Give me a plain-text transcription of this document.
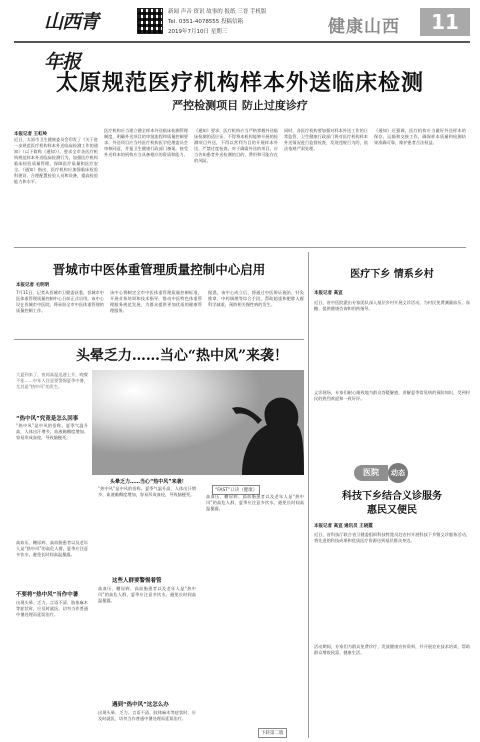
山西青年报
新闻 声音 资讯 故事的 报纸 三晋 手机版
Tel. 0351-4078555 投稿信箱
2019年7月10日 星期三	健康山西	11
太原规范医疗机构样本外送临床检测
严控检测项目 防止过度诊疗
本报记者 王虹岭
近日，太原市卫生健康委员会印发了《关于进一步规范医疗机构样本外送临床检测工作的通知》（以下简称《通知》），要求全市各医疗机构规范样本外送临床检测行为，加强医疗机构临床检验质量管理，保障医疗质量和医疗安全。《通知》指出，医疗机构应加强临床检验科建设，合理配置检验人员和设备，提高检验能力和水平。
医疗机构应当建立健全样本外送临床检测管理制度，明确外送项目的审批流程和质量控制要求。外送项目应当经医疗机构医学伦理委员会审核同意，并报卫生健康行政部门备案。接受外送样本的机构应当具备相应的资质和能力。
《通知》要求，医疗机构应当严格掌握外送临床检测的适应证，不得将本机构能够开展的检测项目外送，不得以营利为目的开展样本外送，严禁过度检查。对于确需外送的项目，应当告知患者外送检测的目的、费用和可能存在的风险。
同时，各医疗机构要加强对样本外送工作的日常监管，卫生健康行政部门将对医疗机构样本外送情况进行监督检查，发现违规行为的，依法依规严肃处理。
《通知》还强调，医疗机构应当做好外送样本的保存、运输和交接工作，确保样本质量和检测结果准确可靠，维护患者合法权益。
晋城市中医体重管理质量控制中心启用
本报记者 毛明明
7月11日，记者从晋城市卫健委获悉，晋城市中医体重管理质量控制中心日前正式启用。该中心设在晋城市中医院，将承担全市中医体重管理的质量控制工作。
该中心将制定全市中医体重管理质量控制标准，开展业务培训和技术指导，推动中医特色体重管理服务规范发展，为群众提供更加优质的健康管理服务。
据悉，该中心成立后，将通过中医辨证施治、针灸推拿、中药调理等综合手段，帮助超重和肥胖人群科学减重，预防相关慢性病的发生。
头晕乏力……当心“热中风”来袭！
大夏到来了，夜间高温迅速上升，晚餐不佳……中年人注意要警惕夏季中暑，尤其是“热中风”的发生。
“热中风”究竟是怎么回事
“热中风”是中风的俗称。夏季气温升高，人体出汗增多，血液黏稠度增加，容易形成血栓，导致脑梗死。
高血压、糖尿病、高血脂患者以及老年人是“热中风”的高危人群，夏季应注意多饮水，避免长时间高温暴露。
不要将“热中风”当作中暑
出现头晕、乏力、言语不清、肢体麻木等症状时，应及时就医，切勿当作普通中暑处理而延误治疗。
头晕乏力……当心“热中风”来袭！
“热中风”是中风的俗称。夏季气温升高，人体出汗增多，血液黏稠度增加，容易形成血栓，导致脑梗死。
这些人群要警惕着管
高血压、糖尿病、高血脂患者以及老年人是“热中风”的高危人群，夏季应注意多饮水，避免长时间高温暴露。
遇到“热中风”这怎么办
出现头晕、乏力、言语不清、肢体麻木等症状时，应及时就医，切勿当作普通中暑处理而延误治疗。
“FAST”口诀（健康）
高血压、糖尿病、高血脂患者以及老年人是“热中风”的高危人群，夏季应注意多饮水，避免长时间高温暴露。
下转第二版
医疗下乡 情系乡村
本报记者 高宣
近日，省中医院派出专家团队深入基层乡村开展义诊活动，为村民免费测量血压、血糖，提供健康咨询和用药指导。
义诊现场，专家们耐心细致地为群众答疑解惑，讲解夏季常见病的预防知识，受到村民的热烈欢迎和一致好评。
医院	动态
科技下乡结合义诊服务
惠民又便民
本报记者 高宣 通讯员 王晓霞
近日，省科技厅联合省卫健委组织科技特派员赴农村开展科技下乡暨义诊服务活动，将先进的科技成果和优质医疗资源送到基层群众身边。
活动期间，专家们为群众免费诊疗、发放健康宣传资料，并开展农业技术培训，帮助群众增收致富、健康生活。
